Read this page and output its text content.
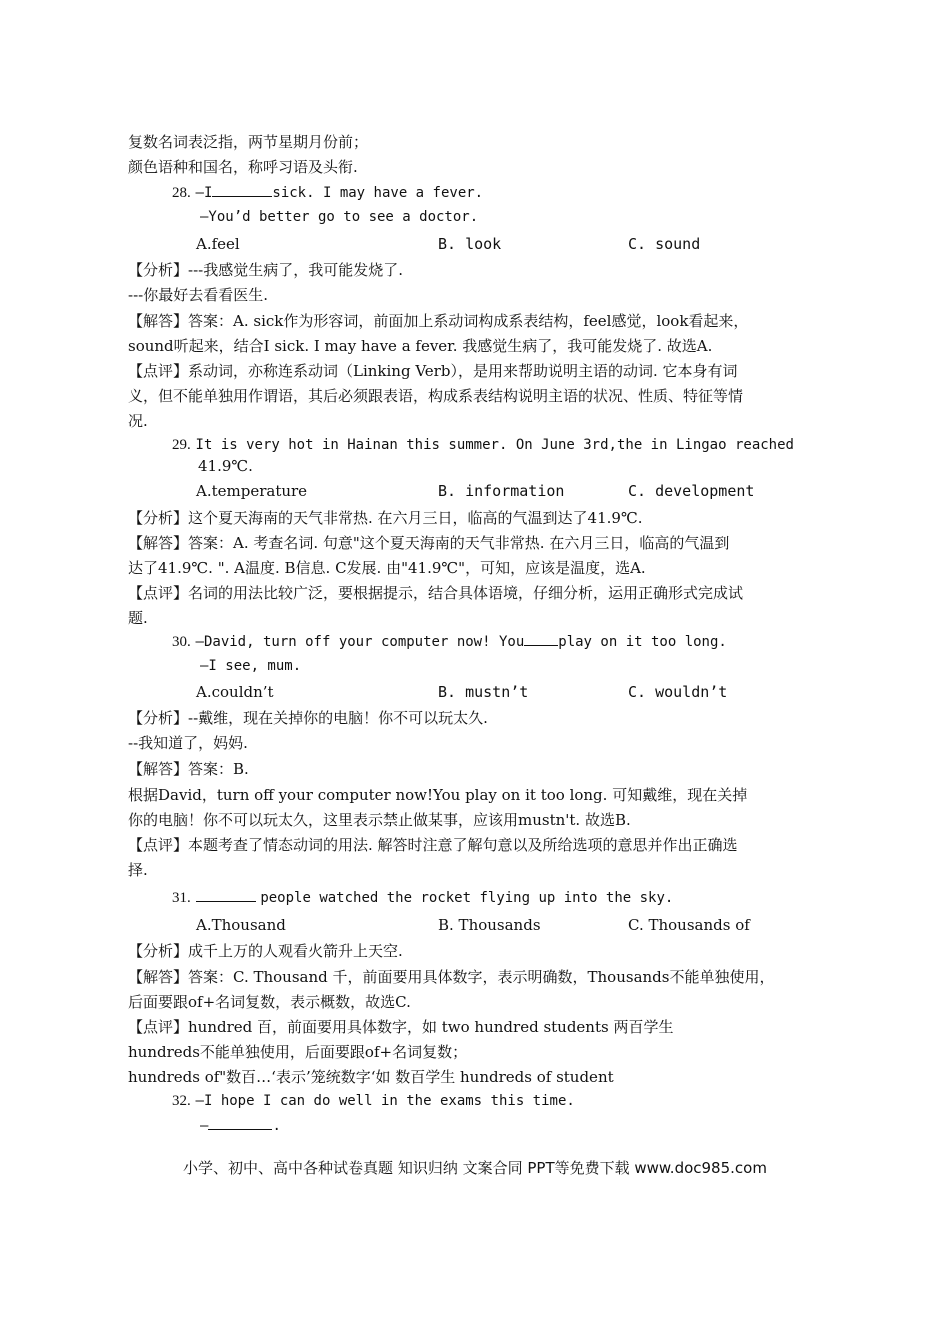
复数名词表泛指，两节星期月份前；
颜色语种和国名，称呼习语及头衔.
28. —I	sick. I may have a fever.
—You’d better go to see a doctor.
A.feel	B. look	C. sound
【分析】---我感觉生病了，我可能发烧了.
---你最好去看看医生.
【解答】答案：A. sick作为形容词，前面加上系动词构成系表结构，feel感觉，look看起来，
sound听起来，结合I sick. I may have a fever. 我感觉生病了，我可能发烧了. 故选A.
【点评】系动词，亦称连系动词（Linking Verb），是用来帮助说明主语的动词. 它本身有词
义，但不能单独用作谓语，其后必须跟表语，构成系表结构说明主语的状况、性质、特征等情
况.
29. It is very hot in Hainan this summer. On June 3rd,the in Lingao reached
41.9℃.
A.temperature	B. information	C. development
【分析】这个夏天海南的天气非常热. 在六月三日，临高的气温到达了41.9℃.
【解答】答案：A. 考查名词. 句意"这个夏天海南的天气非常热. 在六月三日，临高的气温到
达了41.9℃. ". A温度. B信息. C发展. 由"41.9℃"，可知，应该是温度，选A.
【点评】名词的用法比较广泛，要根据提示，结合具体语境，仔细分析，运用正确形式完成试
题.
30. —David, turn off your computer now! You play on it too long.
—I see, mum.
A.couldn’t	B. mustn’t	C. wouldn’t
【分析】--戴维，现在关掉你的电脑！你不可以玩太久.
--我知道了，妈妈.
【解答】答案：B.
根据David，turn off your computer now!You play on it too long. 可知戴维，现在关掉
你的电脑！你不可以玩太久，这里表示禁止做某事，应该用mustn't. 故选B.
【点评】本题考查了情态动词的用法. 解答时注意了解句意以及所给选项的意思并作出正确选
择.
31.	people watched the rocket flying up into the sky.
A.Thousand	B. Thousands	C. Thousands of
【分析】成千上万的人观看火箭升上天空.
【解答】答案：C. Thousand 千，前面要用具体数字，表示明确数，Thousands不能单独使用，
后面要跟of+名词复数，表示概数，故选C.
【点评】hundred 百，前面要用具体数字，如 two hundred students 两百学生
hundreds不能单独使用，后面要跟of+名词复数；
hundreds of"数百…‘表示’笼统数字‘如 数百学生 hundreds of student
32. —I hope I can do well in the exams this time.
—	.
小学、初中、高中各种试卷真题 知识归纳 文案合同 PPT等免费下载 www.doc985.com
